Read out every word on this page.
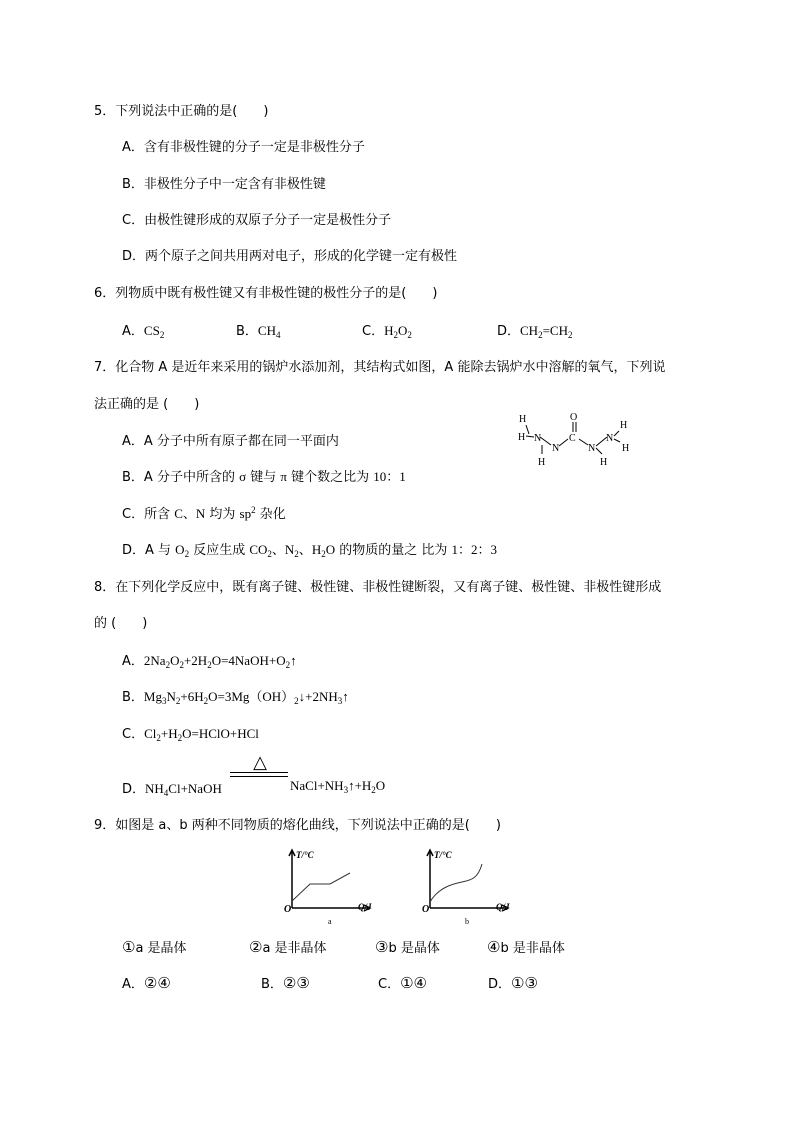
5．下列说法中正确的是(　　)
A．含有非极性键的分子一定是非极性分子
B．非极性分子中一定含有非极性键
C．由极性键形成的双原子分子一定是极性分子
D．两个原子之间共用两对电子，形成的化学键一定有极性
6．列物质中既有极性键又有非极性键的极性分子的是(　　)
A．$CS_2$	B．$CH_4$	C．$H_2O_2$	D．$CH_2=CH_2$
7．化合物 A 是近年来采用的锅炉水添加剂，其结构式如图，A 能除去锅炉水中溶解的氧气，下列说
法正确的是 (　　)
H
H N
H
N
C
O
N
H
N
H
H
A．A 分子中所有原子都在同一平面内
B．A 分子中所含的 σ 键与 π 键个数之比为 10：1
C．所含 C、N 均为 $sp^2$ 杂化
D．A 与 $O_2$ 反应生成 $CO_2$、$N_2$、$H_2O$ 的物质的量之 比为 1：2：3
8．在下列化学反应中，既有离子键、极性键、非极性键断裂，又有离子键、极性键、非极性键形成
的 (　　)
A．$2Na_2O_2+2H_2O=4NaOH+O_2↑$
B．$Mg_3N_2+6H_2O=3Mg(OH)_2↓+2NH_3↑$
C．$Cl_2+H_2O=HClO+HCl$
D．$NH_4Cl+NaOH$
△
$NaCl+NH_3↑+H_2O$
9．如图是 a、b 两种不同物质的熔化曲线，下列说法中正确的是(　　)
T/°C
O	Q/J
a
T/°C
O	Q/J
b
①a 是晶体	②a 是非晶体	③b 是晶体	④b 是非晶体
A．②④	B．②③	C．①④	D．①③
